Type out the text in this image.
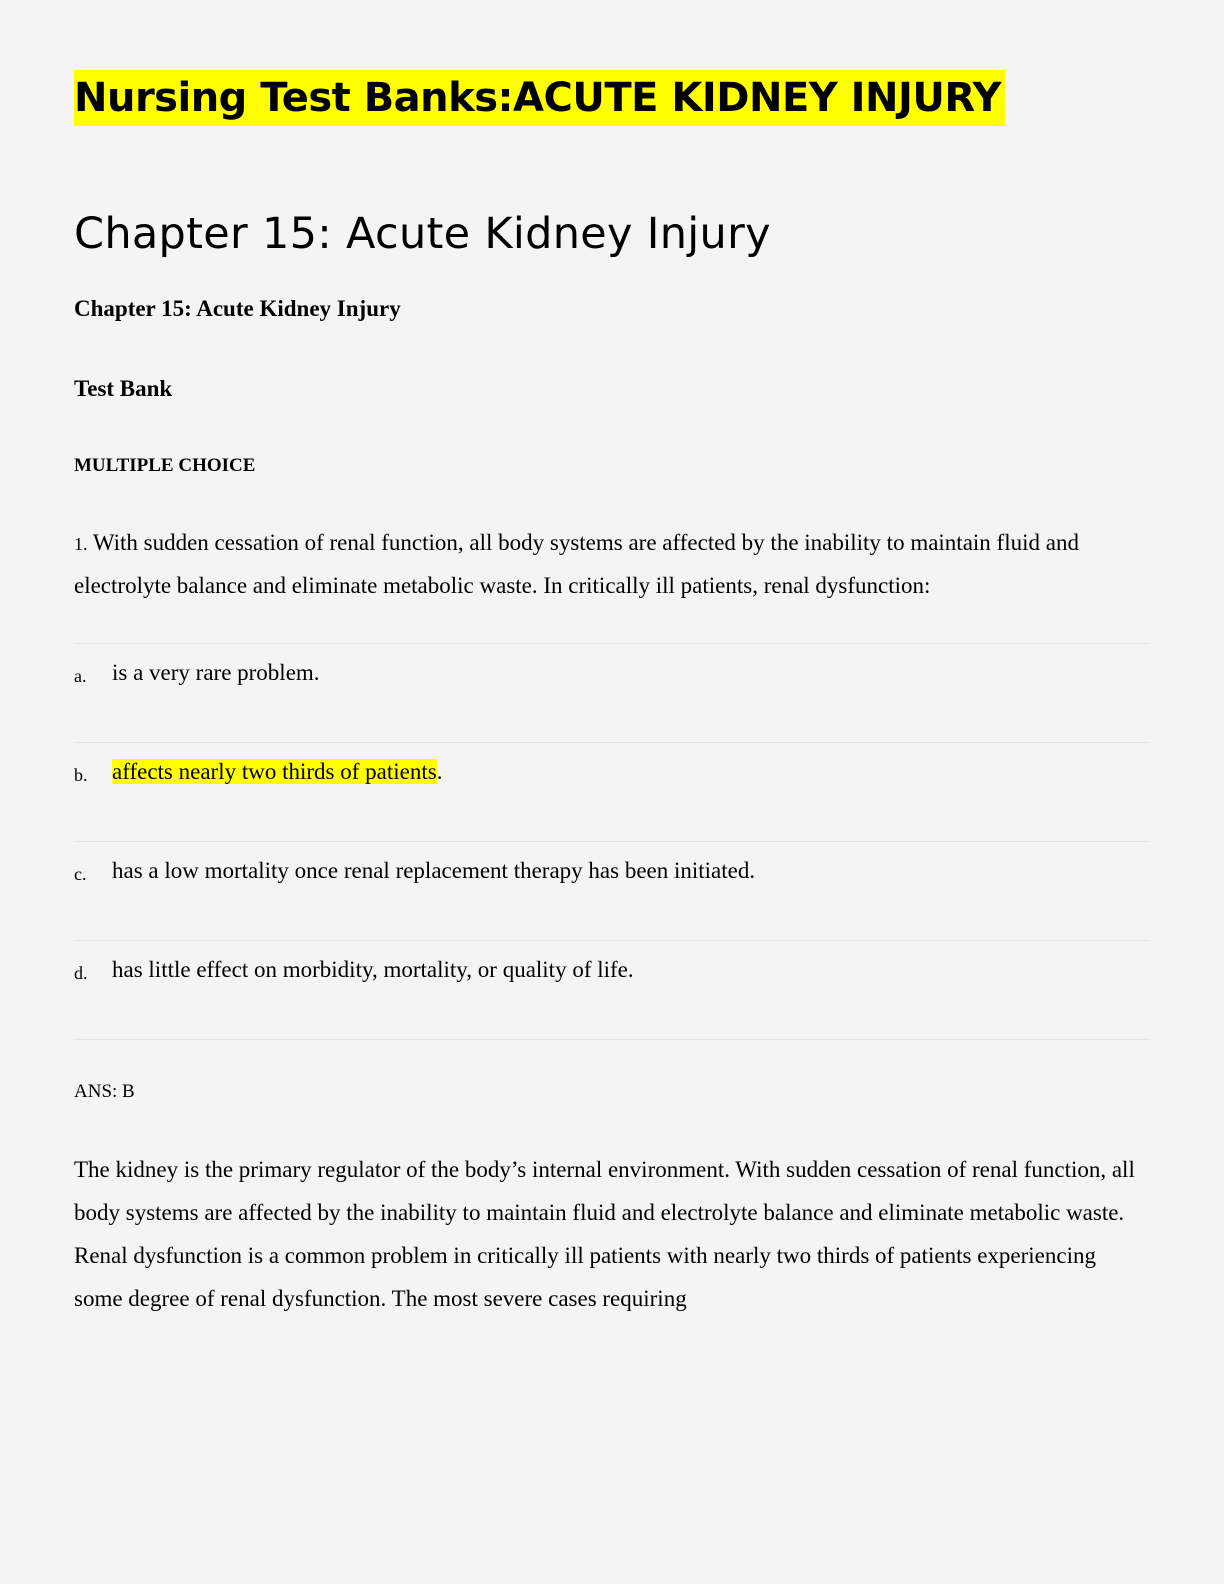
Nursing Test Banks:ACUTE KIDNEY INJURY
Chapter 15: Acute Kidney Injury
Chapter 15: Acute Kidney Injury
Test Bank
MULTIPLE CHOICE
1. With sudden cessation of renal function, all body systems are affected by the inability to maintain fluid and electrolyte balance and eliminate metabolic waste. In critically ill patients, renal dysfunction:
a. is a very rare problem.
b. affects nearly two thirds of patients.
c. has a low mortality once renal replacement therapy has been initiated.
d. has little effect on morbidity, mortality, or quality of life.
ANS: B
The kidney is the primary regulator of the body’s internal environment. With sudden cessation of renal function, all body systems are affected by the inability to maintain fluid and electrolyte balance and eliminate metabolic waste. Renal dysfunction is a common problem in critically ill patients with nearly two thirds of patients experiencing some degree of renal dysfunction. The most severe cases requiring
